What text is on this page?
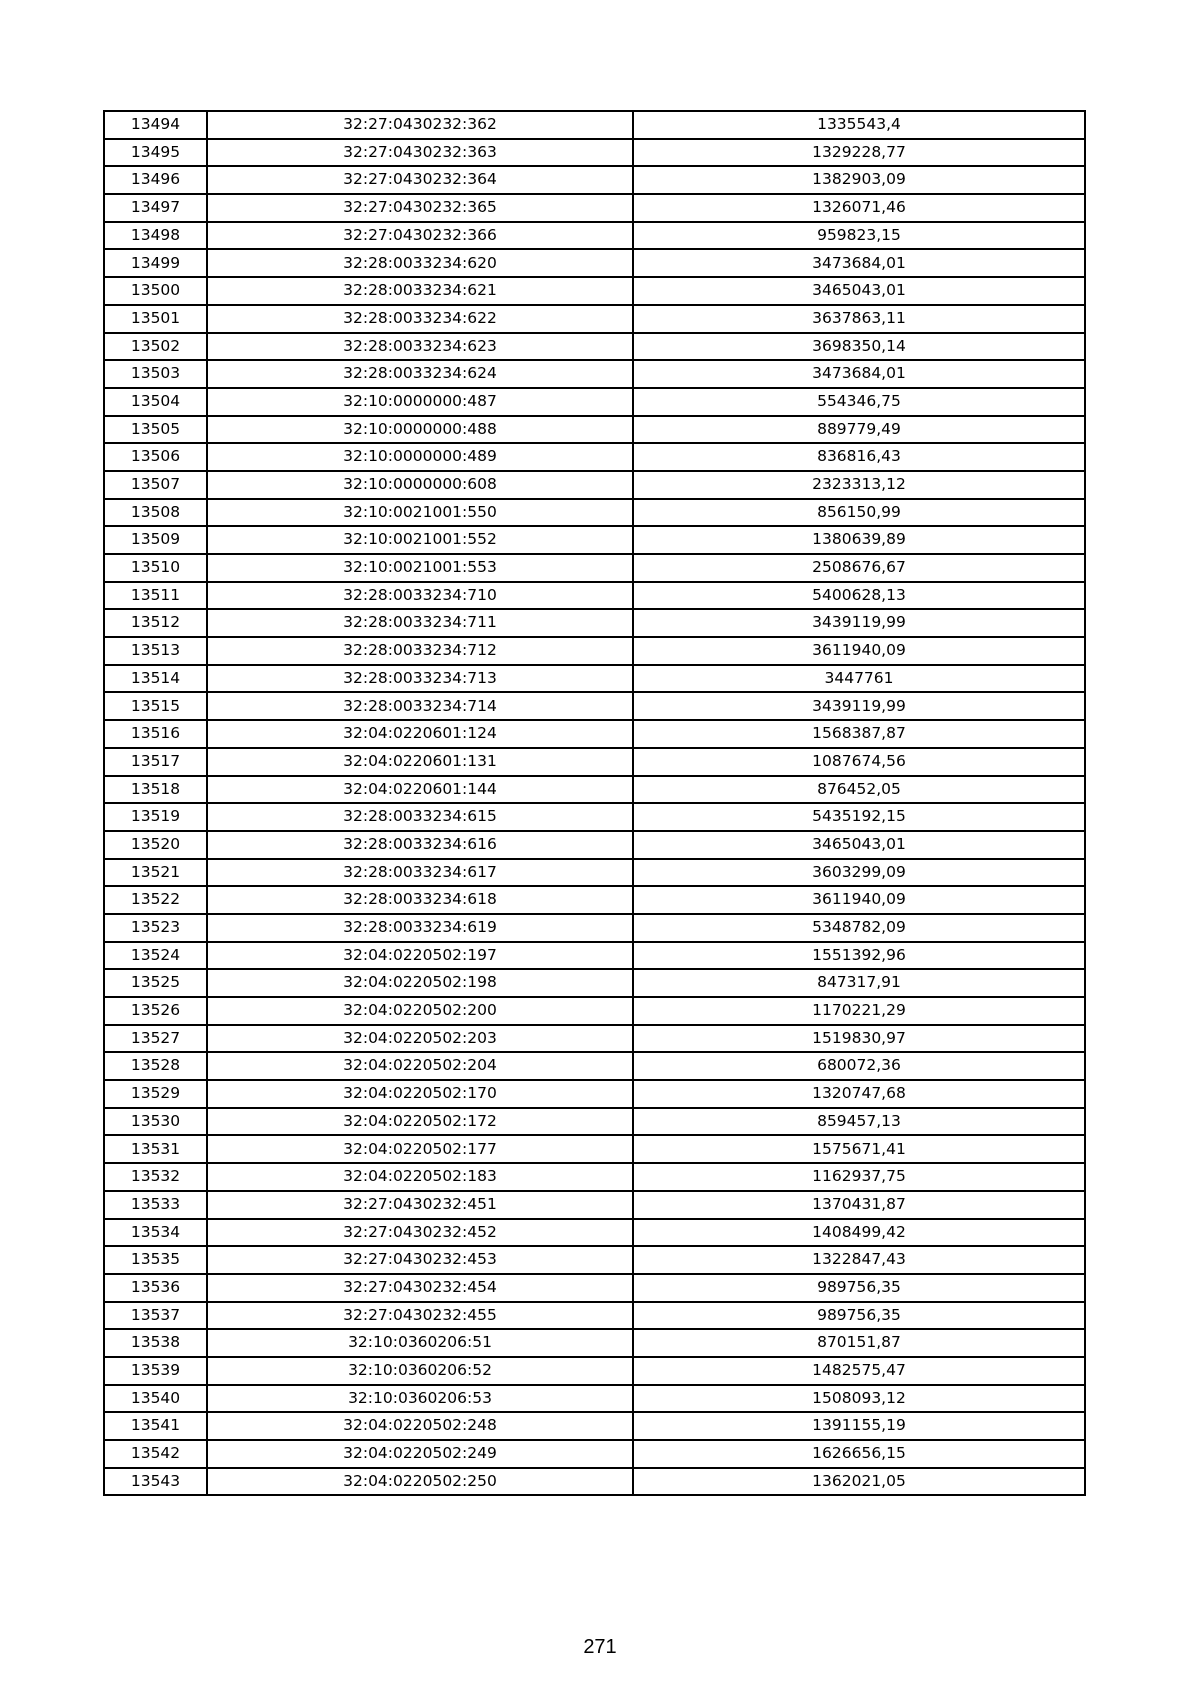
13494	32:27:0430232:362	1335543,4
13495	32:27:0430232:363	1329228,77
13496	32:27:0430232:364	1382903,09
13497	32:27:0430232:365	1326071,46
13498	32:27:0430232:366	959823,15
13499	32:28:0033234:620	3473684,01
13500	32:28:0033234:621	3465043,01
13501	32:28:0033234:622	3637863,11
13502	32:28:0033234:623	3698350,14
13503	32:28:0033234:624	3473684,01
13504	32:10:0000000:487	554346,75
13505	32:10:0000000:488	889779,49
13506	32:10:0000000:489	836816,43
13507	32:10:0000000:608	2323313,12
13508	32:10:0021001:550	856150,99
13509	32:10:0021001:552	1380639,89
13510	32:10:0021001:553	2508676,67
13511	32:28:0033234:710	5400628,13
13512	32:28:0033234:711	3439119,99
13513	32:28:0033234:712	3611940,09
13514	32:28:0033234:713	3447761
13515	32:28:0033234:714	3439119,99
13516	32:04:0220601:124	1568387,87
13517	32:04:0220601:131	1087674,56
13518	32:04:0220601:144	876452,05
13519	32:28:0033234:615	5435192,15
13520	32:28:0033234:616	3465043,01
13521	32:28:0033234:617	3603299,09
13522	32:28:0033234:618	3611940,09
13523	32:28:0033234:619	5348782,09
13524	32:04:0220502:197	1551392,96
13525	32:04:0220502:198	847317,91
13526	32:04:0220502:200	1170221,29
13527	32:04:0220502:203	1519830,97
13528	32:04:0220502:204	680072,36
13529	32:04:0220502:170	1320747,68
13530	32:04:0220502:172	859457,13
13531	32:04:0220502:177	1575671,41
13532	32:04:0220502:183	1162937,75
13533	32:27:0430232:451	1370431,87
13534	32:27:0430232:452	1408499,42
13535	32:27:0430232:453	1322847,43
13536	32:27:0430232:454	989756,35
13537	32:27:0430232:455	989756,35
13538	32:10:0360206:51	870151,87
13539	32:10:0360206:52	1482575,47
13540	32:10:0360206:53	1508093,12
13541	32:04:0220502:248	1391155,19
13542	32:04:0220502:249	1626656,15
13543	32:04:0220502:250	1362021,05
271
